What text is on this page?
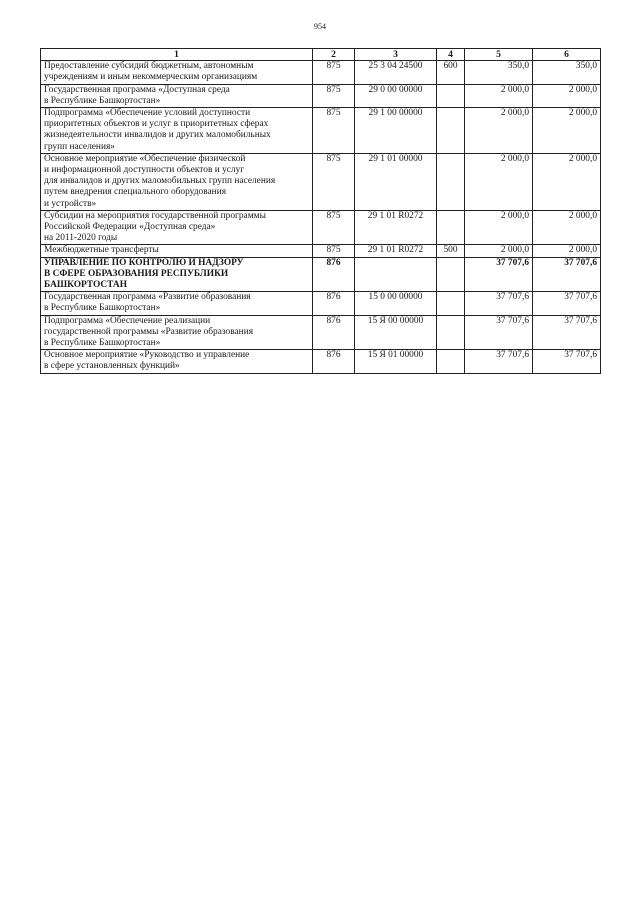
954
1	2	3	4	5	6

Предоставление субсидий бюджетным, автономным
учреждениям и иным некоммерческим организациям	875	25 3 04 24500	600	350,0	350,0

Государственная программа «Доступная среда
в Республике Башкортостан»	875	29 0 00 00000		2 000,0	2 000,0

Подпрограмма «Обеспечение условий доступности
приоритетных объектов и услуг в приоритетных сферах
жизнедеятельности инвалидов и других маломобильных
групп населения»	875	29 1 00 00000		2 000,0	2 000,0

Основное мероприятие «Обеспечение физической
и информационной доступности объектов и услуг
для инвалидов и других маломобильных групп населения
путем внедрения специального оборудования
и устройств»	875	29 1 01 00000		2 000,0	2 000,0

Субсидии на мероприятия государственной программы
Российской Федерации «Доступная среда»
на 2011-2020 годы	875	29 1 01 R0272		2 000,0	2 000,0

Межбюджетные трансферты	875	29 1 01 R0272	500	2 000,0	2 000,0

УПРАВЛЕНИЕ ПО КОНТРОЛЮ И НАДЗОРУ
В СФЕРЕ ОБРАЗОВАНИЯ РЕСПУБЛИКИ
БАШКОРТОСТАН	876			37 707,6	37 707,6

Государственная программа «Развитие образования
в Республике Башкортостан»	876	15 0 00 00000		37 707,6	37 707,6

Подпрограмма «Обеспечение реализации
государственной программы «Развитие образования
в Республике Башкортостан»	876	15 Я 00 00000		37 707,6	37 707,6

Основное мероприятие «Руководство и управление
в сфере установленных функций»	876	15 Я 01 00000		37 707,6	37 707,6
